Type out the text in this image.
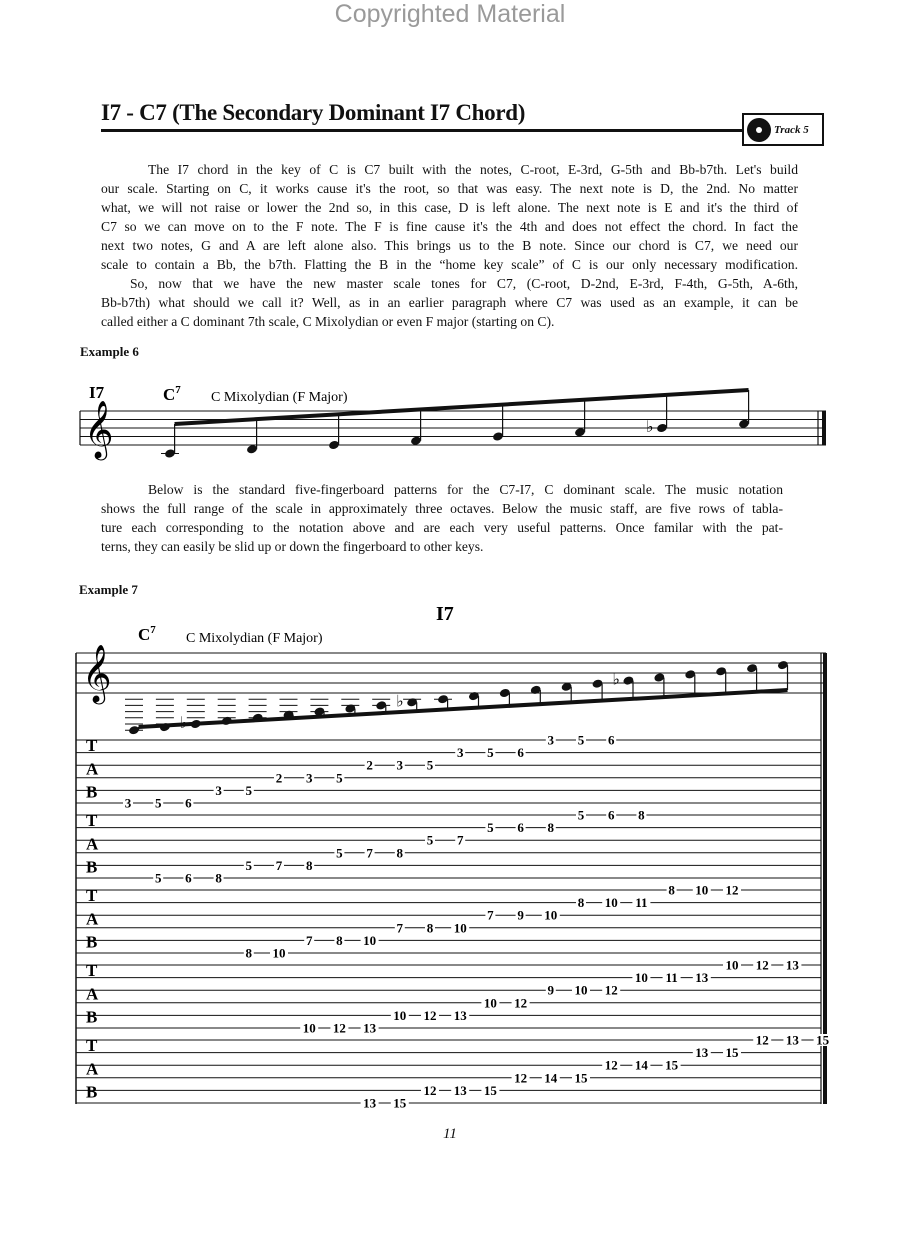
Copyrighted Material
I7 - C7 (The Secondary Dominant I7 Chord)
Track 5
The I7 chord in the key of C is C7 built with the notes, C-root, E-3rd, G-5th and Bb-b7th. Let's build
our scale. Starting on C, it works cause it's the root, so that was easy. The next note is D, the 2nd. No matter
what, we will not raise or lower the 2nd so, in this case, D is left alone. The next note is E and it's the third of
C7 so we can move on to the F note. The F is fine cause it's the 4th and does not effect the chord. In fact the
next two notes, G and A are left alone also. This brings us to the B note. Since our chord is C7, we need our
scale to contain a Bb, the b7th. Flatting the B in the “home key scale” of C is our only necessary modification.
So, now that we have the new master scale tones for C7, (C-root, D-2nd, E-3rd, F-4th, G-5th, A-6th,
Bb-b7th) what should we call it? Well, as in an earlier paragraph where C7 was used as an example, it can be
called either a C dominant 7th scale, C Mixolydian or even F major (starting on C).
Example 6
𝄞
I7	$C^7$ C Mixolydian (F Major)
♭
Below is the standard five-fingerboard patterns for the C7-I7, C dominant scale. The music notation
shows the full range of the scale in approximately three octaves. Below the music staff, are five rows of tabla-
ture each corresponding to the notation above and are each very useful patterns. Once familar with the pat-
terns, they can easily be slid up or down the fingerboard to other keys.
Example 7
I7
$C^7$
C Mixolydian (F Major)
𝄞
♭
♭
T
A
B
3 5 6
3 5
2 3 5
2 3 5
3 5 6
3 5 6
T
A
B
5 6 8
5 7 8
5 7 8
5 7
5 6 8
5 6 8
T
A
B
8 10
7 8 10
7 8 10
7 9 10
8 10 11
8 10 12
T
A
B
10 12 13
10 12 13
10 12
9 10 12
10 11 13
10 12 13
T
A
B
13 15
12 13 15
12 14 15
12 14 15
13 15
12 13 15
11
